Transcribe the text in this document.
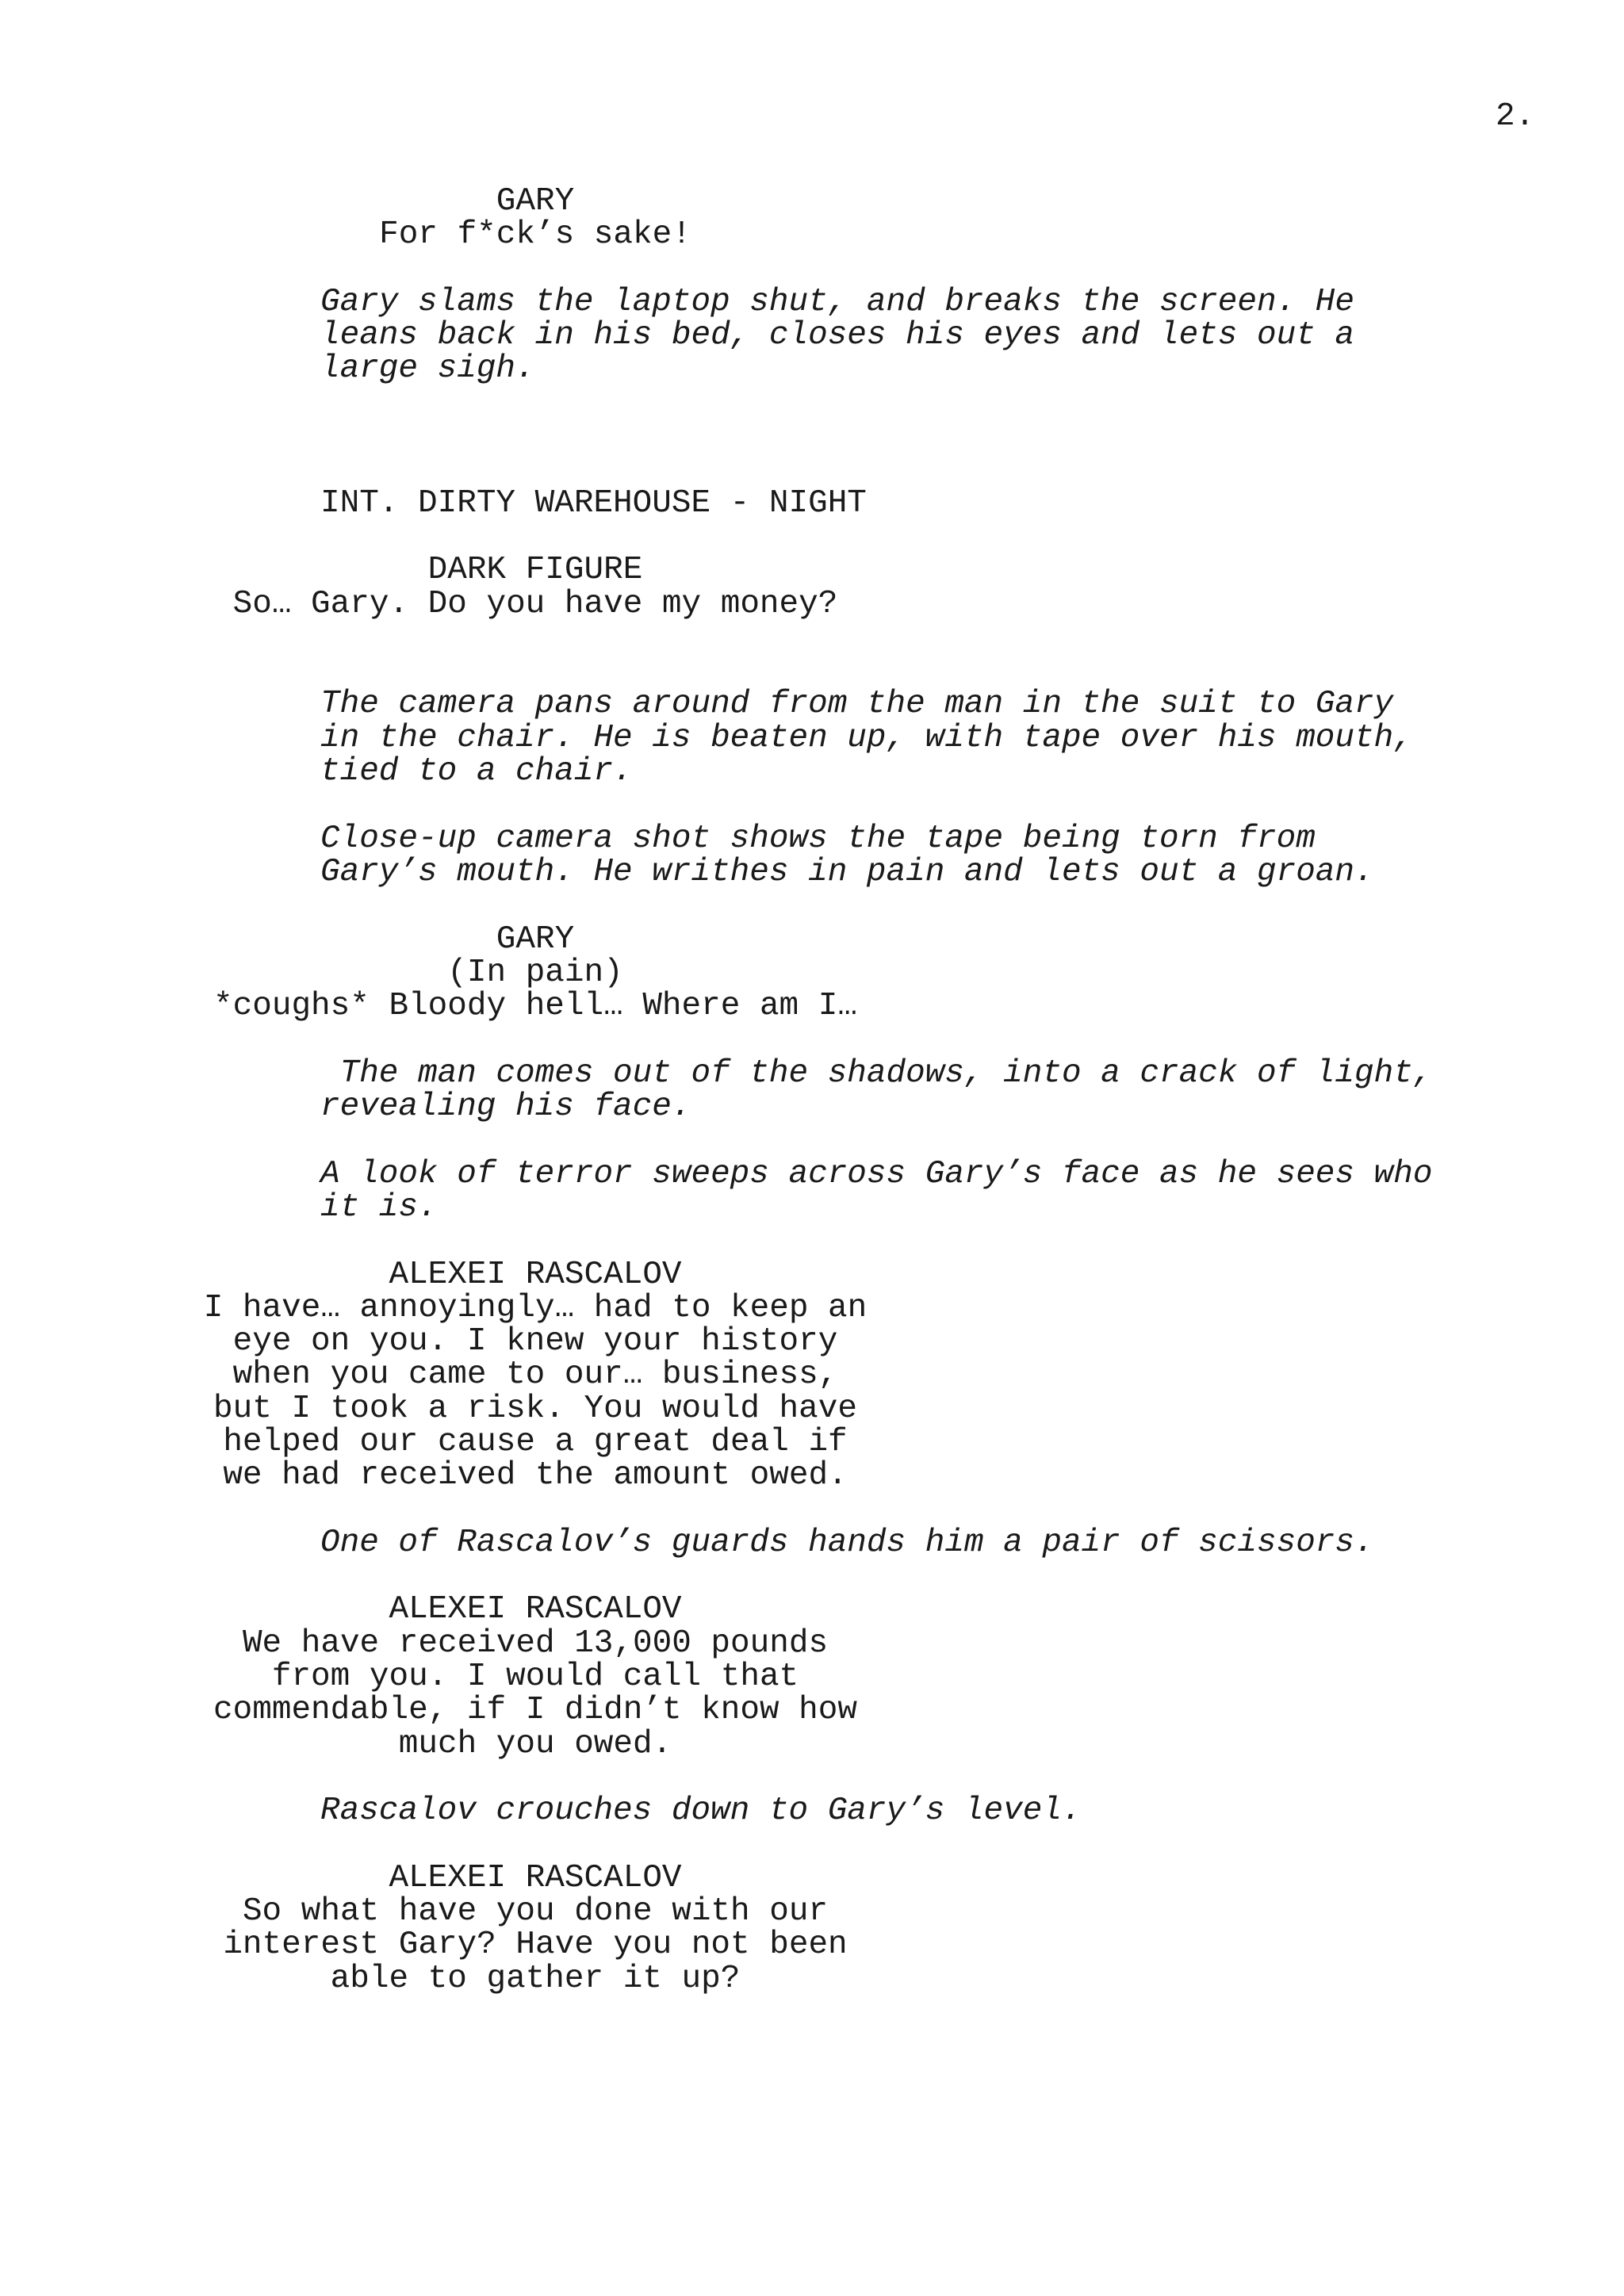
2.
GARY
For f*ck’s sake!
Gary slams the laptop shut, and breaks the screen. He
leans back in his bed, closes his eyes and lets out a
large sigh.
INT. DIRTY WAREHOUSE - NIGHT
DARK FIGURE
So… Gary. Do you have my money?
The camera pans around from the man in the suit to Gary
in the chair. He is beaten up, with tape over his mouth,
tied to a chair.
Close-up camera shot shows the tape being torn from
Gary’s mouth. He writhes in pain and lets out a groan.
GARY
(In pain)
*coughs* Bloody hell… Where am I…
The man comes out of the shadows, into a crack of light,
revealing his face.
A look of terror sweeps across Gary’s face as he sees who
it is.
ALEXEI RASCALOV
I have… annoyingly… had to keep an
eye on you. I knew your history
when you came to our… business,
but I took a risk. You would have
helped our cause a great deal if
we had received the amount owed.
One of Rascalov’s guards hands him a pair of scissors.
ALEXEI RASCALOV
We have received 13,000 pounds
from you. I would call that
commendable, if I didn’t know how
much you owed.
Rascalov crouches down to Gary’s level.
ALEXEI RASCALOV
So what have you done with our
interest Gary? Have you not been
able to gather it up?
